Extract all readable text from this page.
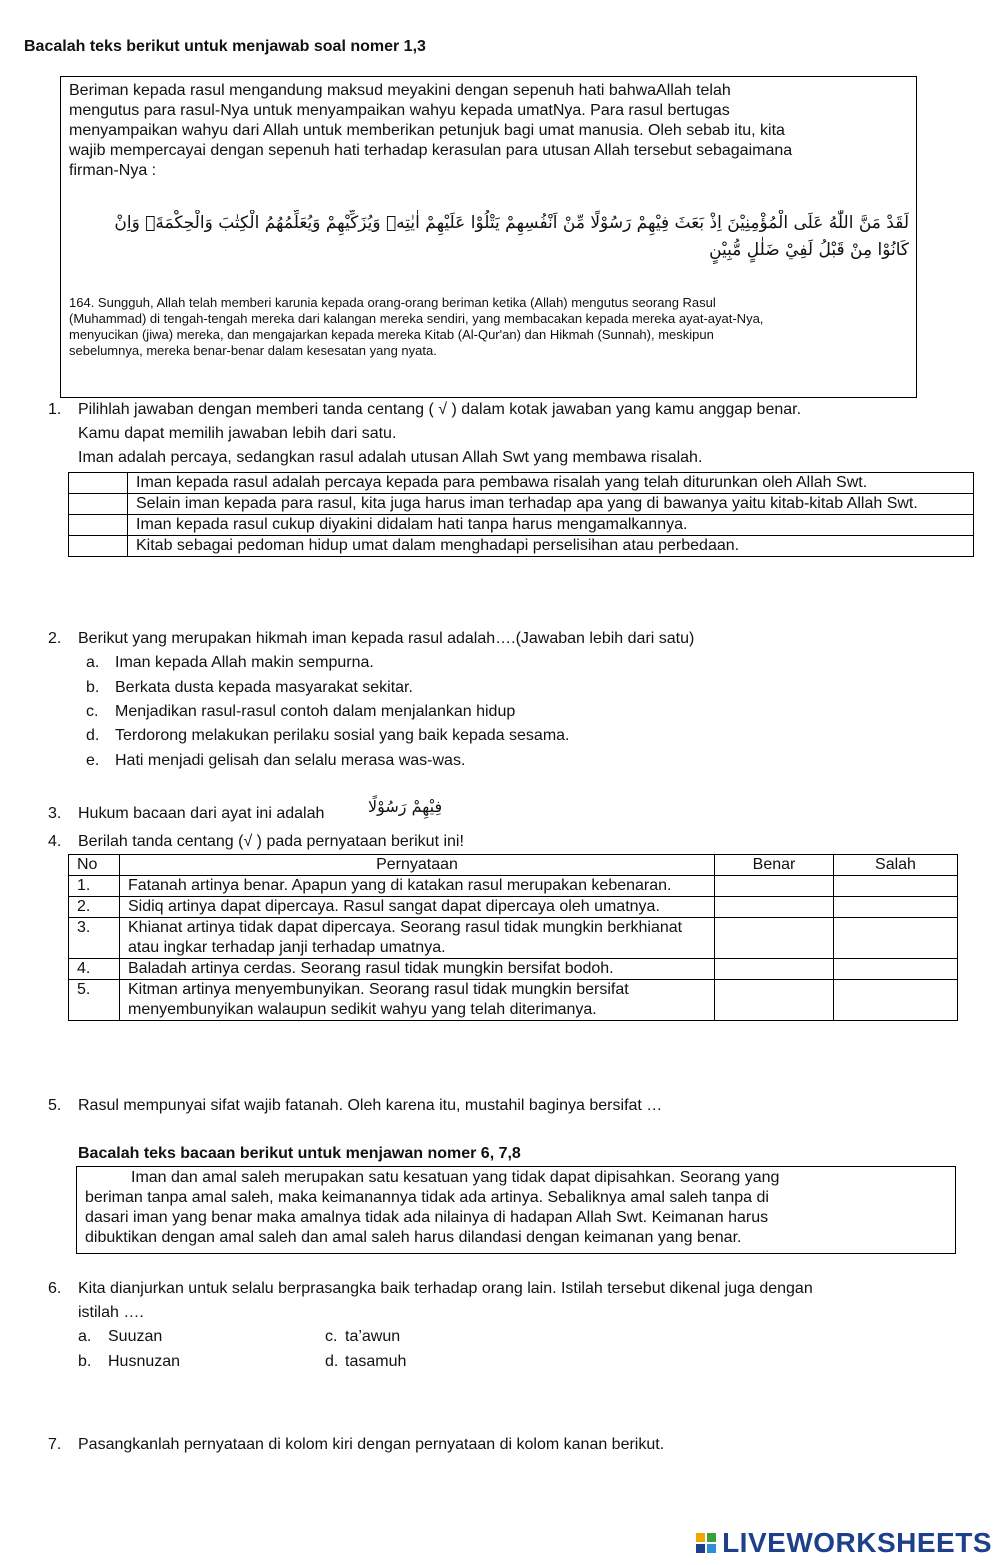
Bacalah teks berikut untuk menjawab soal nomer 1,3
Beriman kepada rasul mengandung maksud meyakini dengan sepenuh hati bahwaAllah telah
mengutus para rasul-Nya untuk menyampaikan wahyu kepada umatNya. Para rasul bertugas
menyampaikan wahyu dari Allah untuk memberikan petunjuk bagi umat manusia. Oleh sebab itu, kita
wajib mempercayai dengan sepenuh hati terhadap kerasulan para utusan Allah tersebut sebagaimana
firman-Nya :
لَقَدْ مَنَّ اللّٰهُ عَلَى الْمُؤْمِنِيْنَ اِذْ بَعَثَ فِيْهِمْ رَسُوْلًا مِّنْ اَنْفُسِهِمْ يَتْلُوْا عَلَيْهِمْ اٰيٰتِهٖ وَيُزَكِّيْهِمْ وَيُعَلِّمُهُمُ الْكِتٰبَ وَالْحِكْمَةَۚ وَاِنْ
كَانُوْا مِنْ قَبْلُ لَفِيْ ضَلٰلٍ مُّبِيْنٍ
164. Sungguh, Allah telah memberi karunia kepada orang-orang beriman ketika (Allah) mengutus seorang Rasul
(Muhammad) di tengah-tengah mereka dari kalangan mereka sendiri, yang membacakan kepada mereka ayat-ayat-Nya,
menyucikan (jiwa) mereka, dan mengajarkan kepada mereka Kitab (Al-Qur'an) dan Hikmah (Sunnah), meskipun
sebelumnya, mereka benar-benar dalam kesesatan yang nyata.
1. Pilihlah jawaban dengan memberi tanda centang ( √ ) dalam kotak jawaban yang kamu anggap benar.
Kamu dapat memilih jawaban lebih dari satu.
Iman adalah percaya, sedangkan rasul adalah utusan Allah Swt yang membawa risalah.
	Iman kepada rasul adalah percaya kepada para pembawa risalah yang telah diturunkan oleh Allah Swt.
	Selain iman kepada para rasul, kita juga harus iman terhadap apa yang di bawanya yaitu kitab-kitab Allah Swt.
	Iman kepada rasul cukup diyakini didalam hati tanpa harus mengamalkannya.
	Kitab sebagai pedoman hidup umat dalam menghadapi perselisihan atau perbedaan.
2. Berikut yang merupakan hikmah iman kepada rasul adalah….(Jawaban lebih dari satu)
a. Iman kepada Allah makin sempurna.
b. Berkata dusta kepada masyarakat sekitar.
c. Menjadikan rasul-rasul contoh dalam menjalankan hidup
d. Terdorong melakukan perilaku sosial yang baik kepada sesama.
e. Hati menjadi gelisah dan selalu merasa was-was.
3. Hukum bacaan dari ayat ini adalah	فِيْهِمْ رَسُوْلًا
4. Berilah tanda centang (√ ) pada pernyataan berikut ini!
No	Pernyataan	Benar	Salah
1.	Fatanah artinya benar. Apapun yang di katakan rasul merupakan kebenaran.		
2.	Sidiq artinya dapat dipercaya. Rasul sangat dapat dipercaya oleh umatnya.		
3.	Khianat artinya tidak dapat dipercaya. Seorang rasul tidak mungkin berkhianat atau ingkar terhadap janji terhadap umatnya.		
4.	Baladah artinya cerdas. Seorang rasul tidak mungkin bersifat bodoh.		
5.	Kitman artinya menyembunyikan. Seorang rasul tidak mungkin bersifat menyembunyikan walaupun sedikit wahyu yang telah diterimanya.		
5. Rasul mempunyai sifat wajib fatanah. Oleh karena itu, mustahil baginya bersifat …
Bacalah teks bacaan berikut untuk menjawan nomer 6, 7,8
Iman dan amal saleh merupakan satu kesatuan yang tidak dapat dipisahkan. Seorang yang
beriman tanpa amal saleh, maka keimanannya tidak ada artinya. Sebaliknya amal saleh tanpa di
dasari iman yang benar maka amalnya tidak ada nilainya di hadapan Allah Swt. Keimanan harus
dibuktikan dengan amal saleh dan amal saleh harus dilandasi dengan keimanan yang benar.
6. Kita dianjurkan untuk selalu berprasangka baik terhadap orang lain. Istilah tersebut dikenal juga dengan
istilah ….
a. Suuzan	c. ta’awun
b. Husnuzan	d. tasamuh
7. Pasangkanlah pernyataan di kolom kiri dengan pernyataan di kolom kanan berikut.
LIVEWORKSHEETS
